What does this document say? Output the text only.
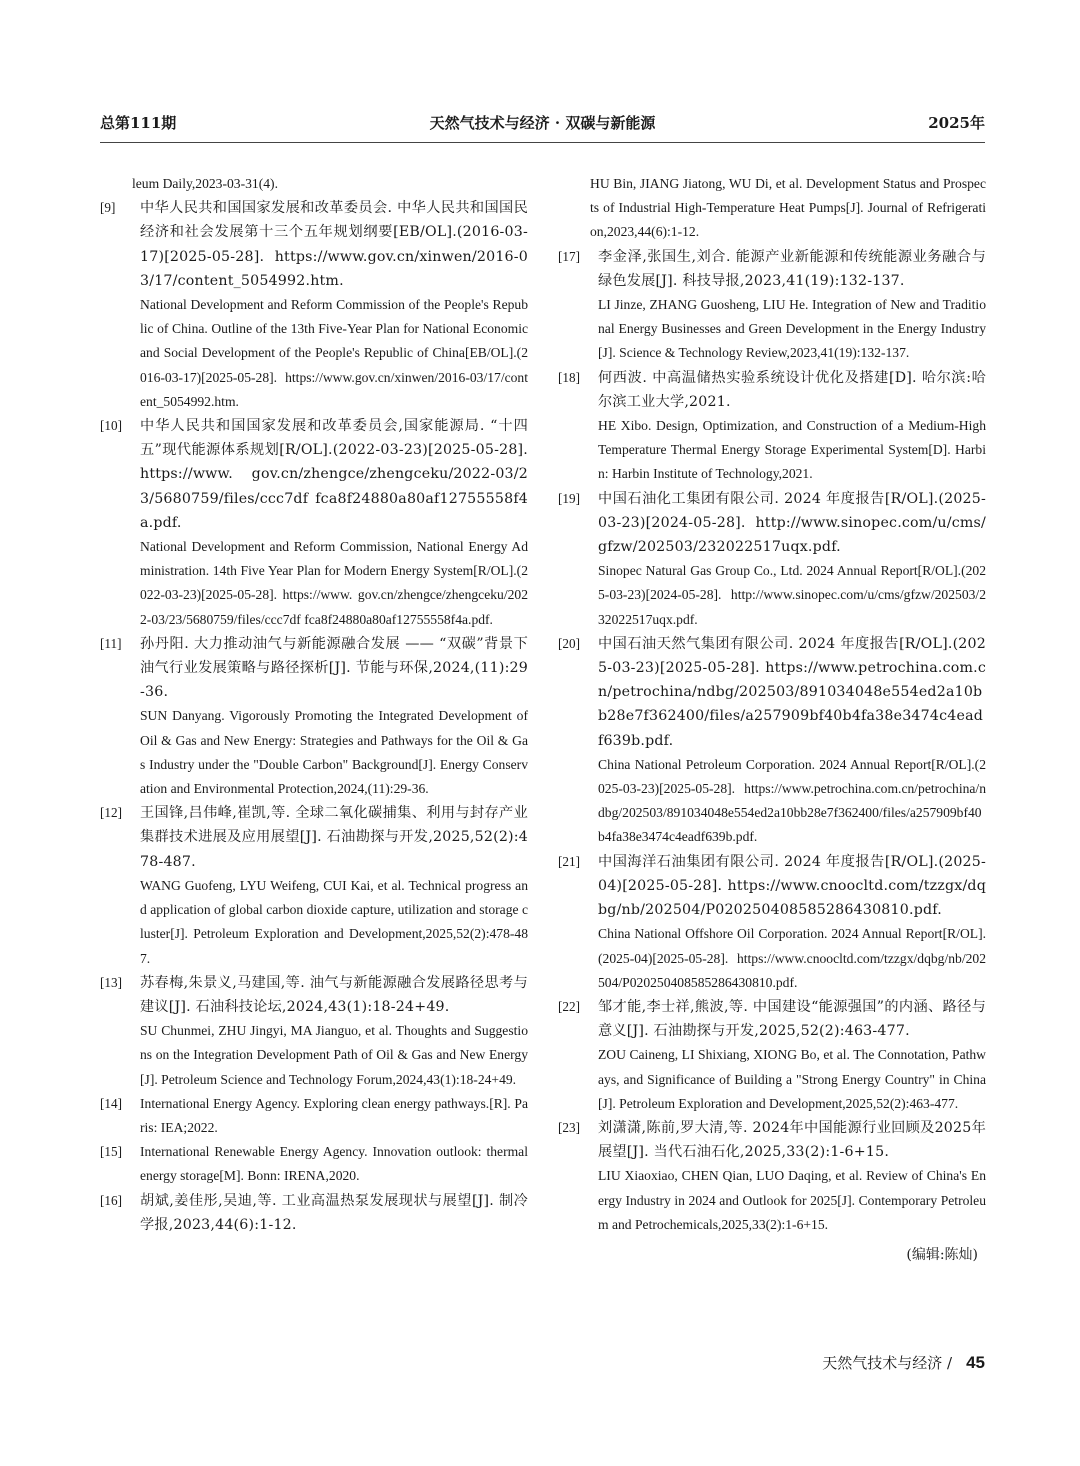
总第111期	天然气技术与经济 · 双碳与新能源	2025年
leum Daily,2023-03-31(4).
[9]	中华人民共和国国家发展和改革委员会. 中华人民共和国国民经济和社会发展第十三个五年规划纲要[EB/OL].(2016-03-17)[2025-05-28]. https://www.gov.cn/xinwen/2016-03/17/content_5054992.htm.
National Development and Reform Commission of the People's Republic of China. Outline of the 13th Five-Year Plan for National Economic and Social Development of the People's Republic of China[EB/OL].(2016-03-17)[2025-05-28]. https://www.gov.cn/xinwen/2016-03/17/content_5054992.htm.
[10]	中华人民共和国国家发展和改革委员会,国家能源局. “十四五”现代能源体系规划[R/OL].(2022-03-23)[2025-05-28]. https://www. gov.cn/zhengce/zhengceku/2022-03/23/5680759/files/ccc7df fca8f24880a80af12755558f4a.pdf.
National Development and Reform Commission, National Energy Administration. 14th Five Year Plan for Modern Energy System[R/OL].(2022-03-23)[2025-05-28]. https://www. gov.cn/zhengce/zhengceku/2022-03/23/5680759/files/ccc7df fca8f24880a80af12755558f4a.pdf.
[11]	孙丹阳. 大力推动油气与新能源融合发展 —— “双碳”背景下油气行业发展策略与路径探析[J]. 节能与环保,2024,(11):29-36.
SUN Danyang. Vigorously Promoting the Integrated Development of Oil & Gas and New Energy: Strategies and Pathways for the Oil & Gas Industry under the "Double Carbon" Background[J]. Energy Conservation and Environmental Protection,2024,(11):29-36.
[12]	王国锋,吕伟峰,崔凯,等. 全球二氧化碳捕集、利用与封存产业集群技术进展及应用展望[J]. 石油勘探与开发,2025,52(2):478-487.
WANG Guofeng, LYU Weifeng, CUI Kai, et al. Technical progress and application of global carbon dioxide capture, utilization and storage cluster[J]. Petroleum Exploration and Development,2025,52(2):478-487.
[13]	苏春梅,朱景义,马建国,等. 油气与新能源融合发展路径思考与建议[J]. 石油科技论坛,2024,43(1):18-24+49.
SU Chunmei, ZHU Jingyi, MA Jianguo, et al. Thoughts and Suggestions on the Integration Development Path of Oil & Gas and New Energy[J]. Petroleum Science and Technology Forum,2024,43(1):18-24+49.
[14]	International Energy Agency. Exploring clean energy pathways.[R]. Paris: IEA;2022.
[15]	International Renewable Energy Agency. Innovation outlook: thermal energy storage[M]. Bonn: IRENA,2020.
[16]	胡斌,姜佳彤,吴迪,等. 工业高温热泵发展现状与展望[J]. 制冷学报,2023,44(6):1-12.
HU Bin, JIANG Jiatong, WU Di, et al. Development Status and Prospects of Industrial High-Temperature Heat Pumps[J]. Journal of Refrigeration,2023,44(6):1-12.
[17]	李金泽,张国生,刘合. 能源产业新能源和传统能源业务融合与绿色发展[J]. 科技导报,2023,41(19):132-137.
LI Jinze, ZHANG Guosheng, LIU He. Integration of New and Traditional Energy Businesses and Green Development in the Energy Industry[J]. Science & Technology Review,2023,41(19):132-137.
[18]	何西波. 中高温储热实验系统设计优化及搭建[D]. 哈尔滨:哈尔滨工业大学,2021.
HE Xibo. Design, Optimization, and Construction of a Medium-High Temperature Thermal Energy Storage Experimental System[D]. Harbin: Harbin Institute of Technology,2021.
[19]	中国石油化工集团有限公司. 2024 年度报告[R/OL].(2025-03-23)[2024-05-28]. http://www.sinopec.com/u/cms/gfzw/202503/232022517uqx.pdf.
Sinopec Natural Gas Group Co., Ltd. 2024 Annual Report[R/OL].(2025-03-23)[2024-05-28]. http://www.sinopec.com/u/cms/gfzw/202503/232022517uqx.pdf.
[20]	中国石油天然气集团有限公司. 2024 年度报告[R/OL].(2025-03-23)[2025-05-28]. https://www.petrochina.com.cn/petrochina/ndbg/202503/891034048e554ed2a10bb28e7f362400/files/a257909bf40b4fa38e3474c4eadf639b.pdf.
China National Petroleum Corporation. 2024 Annual Report[R/OL].(2025-03-23)[2025-05-28]. https://www.petrochina.com.cn/petrochina/ndbg/202503/891034048e554ed2a10bb28e7f362400/files/a257909bf40b4fa38e3474c4eadf639b.pdf.
[21]	中国海洋石油集团有限公司. 2024 年度报告[R/OL].(2025-04)[2025-05-28]. https://www.cnoocltd.com/tzzgx/dqbg/nb/202504/P020250408585286430810.pdf.
China National Offshore Oil Corporation. 2024 Annual Report[R/OL].(2025-04)[2025-05-28]. https://www.cnoocltd.com/tzzgx/dqbg/nb/202504/P020250408585286430810.pdf.
[22]	邹才能,李士祥,熊波,等. 中国建设“能源强国”的内涵、路径与意义[J]. 石油勘探与开发,2025,52(2):463-477.
ZOU Caineng, LI Shixiang, XIONG Bo, et al. The Connotation, Pathways, and Significance of Building a "Strong Energy Country" in China[J]. Petroleum Exploration and Development,2025,52(2):463-477.
[23]	刘潇潇,陈前,罗大清,等. 2024年中国能源行业回顾及2025年展望[J]. 当代石油石化,2025,33(2):1-6+15.
LIU Xiaoxiao, CHEN Qian, LUO Daqing, et al. Review of China's Energy Industry in 2024 and Outlook for 2025[J]. Contemporary Petroleum and Petrochemicals,2025,33(2):1-6+15.
(编辑:陈灿)
天然气技术与经济 / 45
